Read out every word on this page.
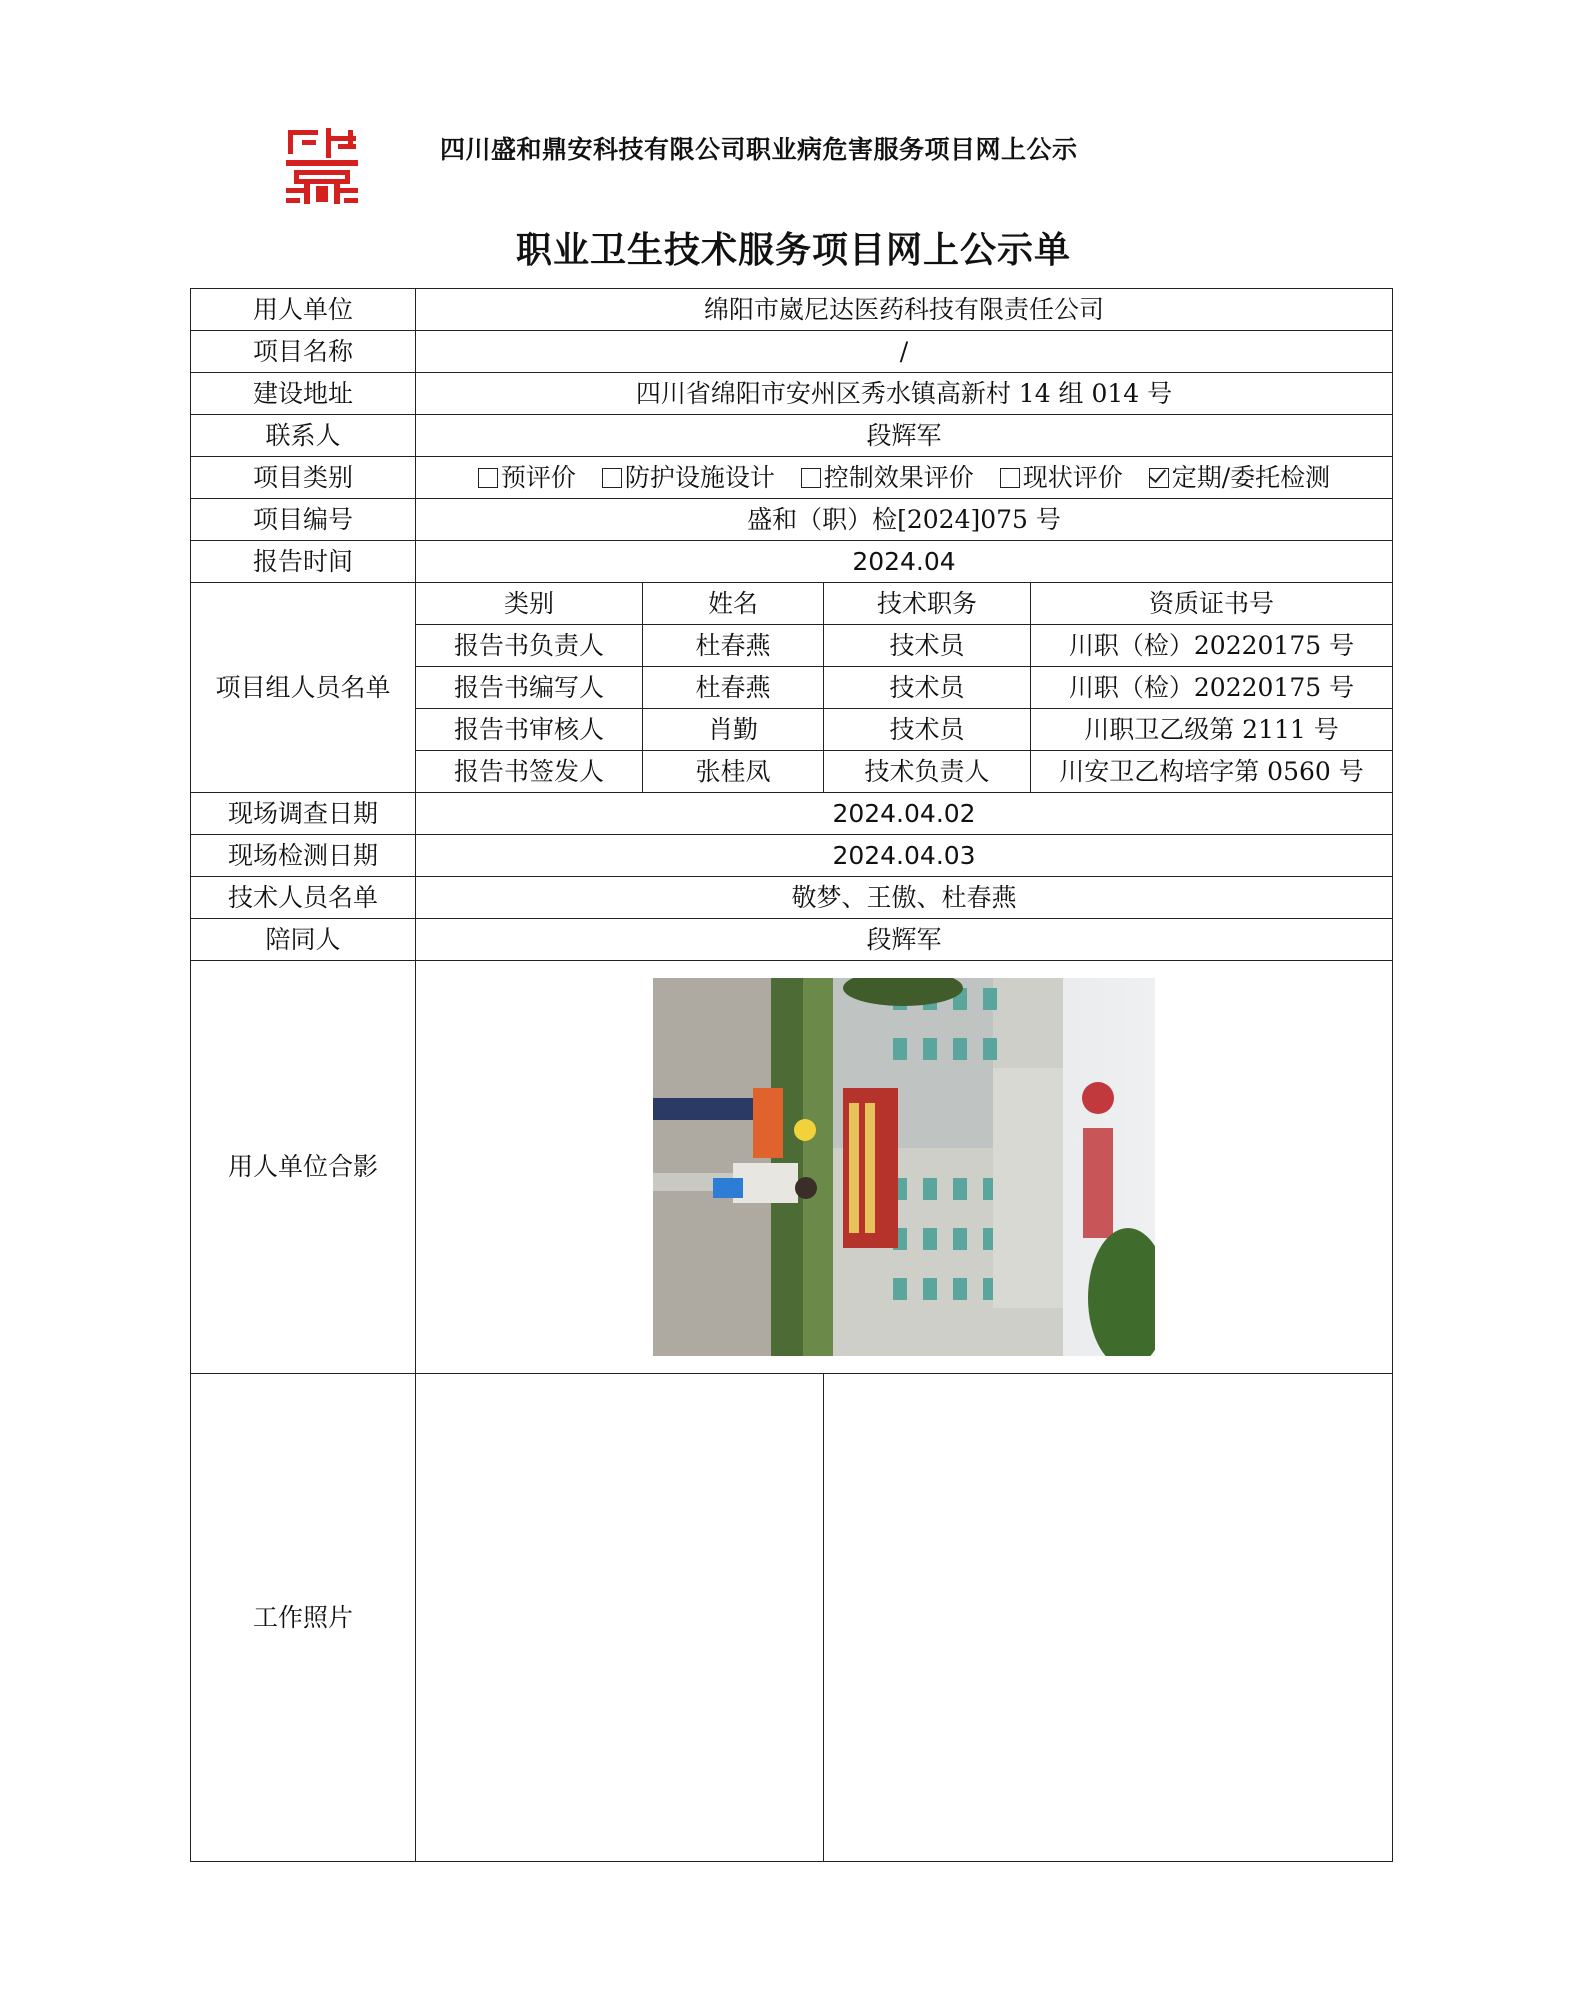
四川盛和鼎安科技有限公司职业病危害服务项目网上公示
职业卫生技术服务项目网上公示单
用人单位	绵阳市崴尼达医药科技有限责任公司			
项目名称	/			
建设地址	四川省绵阳市安州区秀水镇高新村 14 组 014 号			
联系人	段辉军			
项目类别	预评价 防护设施设计 控制效果评价 现状评价 定期/委托检测			
项目编号	盛和（职）检[2024]075 号			
报告时间	2024.04			
项目组人员名单	类别	姓名	技术职务	资质证书号
	报告书负责人	杜春燕	技术员	川职（检）20220175 号
	报告书编写人	杜春燕	技术员	川职（检）20220175 号
	报告书审核人	肖勤	技术员	川职卫乙级第 2111 号
	报告书签发人	张桂凤	技术负责人	川安卫乙构培字第 0560 号
现场调查日期	2024.04.02			
现场检测日期	2024.04.03			
技术人员名单	敬梦、王傲、杜春燕			
陪同人	段辉军			
用人单位合影	

工作照片				
